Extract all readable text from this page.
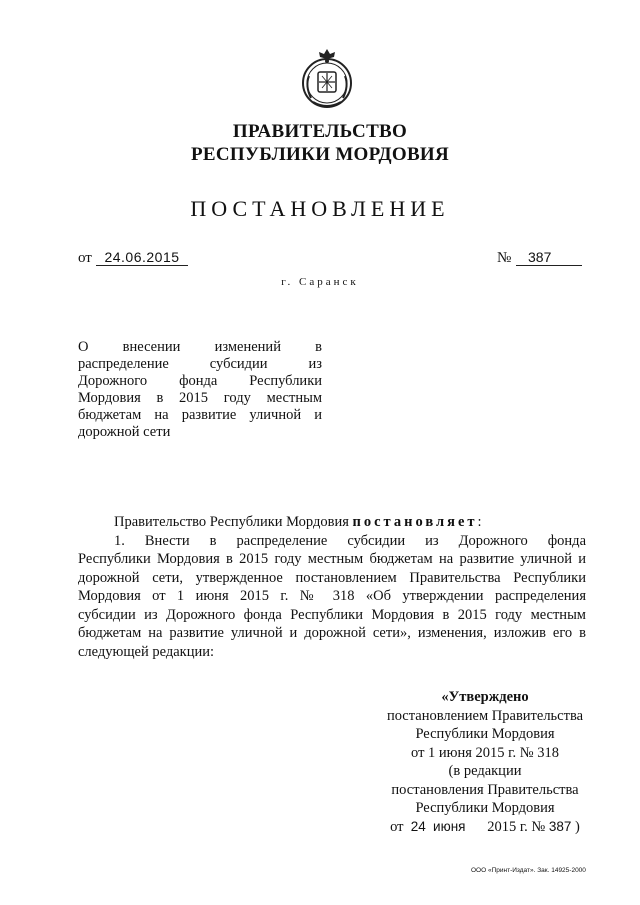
ПРАВИТЕЛЬСТВО
РЕСПУБЛИКИ МОРДОВИЯ
ПОСТАНОВЛЕНИЕ
от 24.06.2015	№	387
г. Саранск
О внесении изменений в
распределение субсидии из
Дорожного фонда Республики
Мордовия в 2015 году местным
бюджетам на развитие уличной и
дорожной сети
Правительство Республики Мордовия постановляет:
1. Внести в распределение субсидии из Дорожного фонда
Республики Мордовия в 2015 году местным бюджетам на развитие уличной и
дорожной сети, утвержденное постановлением Правительства Республики
Мордовия от 1 июня 2015 г. № 318 «Об утверждении распределения
субсидии из Дорожного фонда Республики Мордовия в 2015 году местным
бюджетам на развитие уличной и дорожной сети», изменения, изложив его в
следующей редакции:
«Утверждено
постановлением Правительства
Республики Мордовия
от 1 июня 2015 г. № 318
(в редакции
постановления Правительства
Республики Мордовия
от 24 июня 2015 г. № 387 )
ООО «Принт-Издат». Зак. 14925-2000
